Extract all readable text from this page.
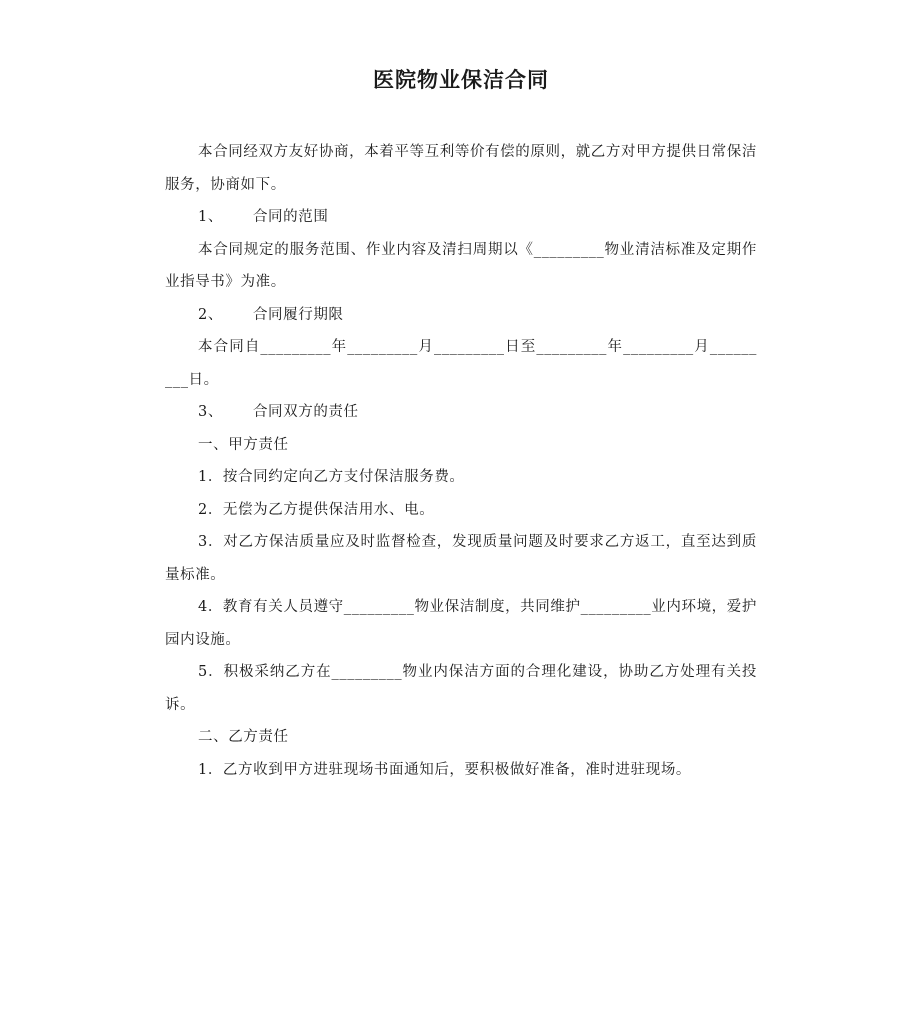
医院物业保洁合同

本合同经双方友好协商，本着平等互利等价有偿的原则，就乙方对甲方提供日常保洁服务，协商如下。

1、 合同的范围

本合同规定的服务范围、作业内容及清扫周期以《_________物业清洁标准及定期作业指导书》为准。

2、 合同履行期限

本合同自_________年_________月_________日至_________年_________月_________日。

3、 合同双方的责任

一、甲方责任

1．按合同约定向乙方支付保洁服务费。

2．无偿为乙方提供保洁用水、电。

3．对乙方保洁质量应及时监督检查，发现质量问题及时要求乙方返工，直至达到质量标准。

4．教育有关人员遵守_________物业保洁制度，共同维护_________业内环境，爱护园内设施。

5．积极采纳乙方在_________物业内保洁方面的合理化建设，协助乙方处理有关投诉。

二、乙方责任

1．乙方收到甲方进驻现场书面通知后，要积极做好准备，准时进驻现场。
